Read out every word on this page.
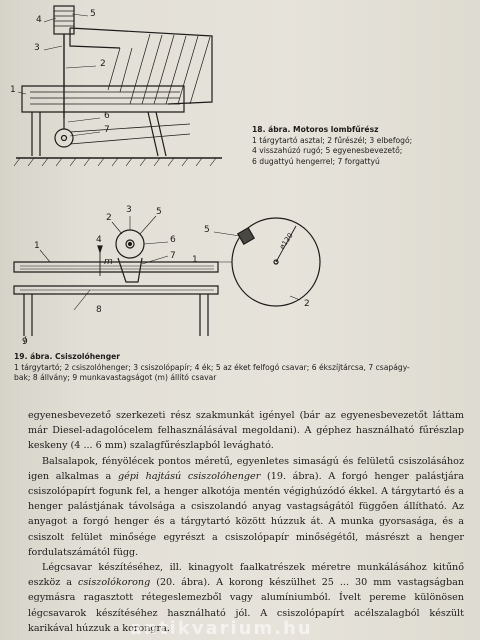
4
5
3
2
1
6
7	18. ábra. Motoros lombfűrész
1 tárgytartó asztal; 2 fűrészél; 3 elbefogó;
4 visszahúzó rugó; 5 egyenesbevezető;
6 dugattyú hengerrel; 7 forgattyú
5
1
2
ø120
1
2
3
4
5
6
7
8
9
m
19. ábra. Csiszolóhenger
1 tárgytartó; 2 csiszolóhenger; 3 csiszolópapír; 4 ék; 5 az éket felfogó csavar; 6 ékszíjtárcsa, 7 csapágy-
bak; 8 állvány; 9 munkavastagságot (m) állító csavar

egyenesbevezető szerkezeti rész szakmunkát igényel (bár az egyenesbevezetőt láttam már Diesel-adagolócelem felhasználásával megoldani). A géphez használható fűrészlap keskeny (4 ... 6 mm) szalagfűrészlapból levágható.

Balsalapok, fényölécek pontos méretű, egyenletes simaságú és felületű csiszolásához igen alkalmas a gépi hajtású csiszolóhenger (19. ábra). A forgó henger palástjára csiszolópapírt fogunk fel, a henger alkotója mentén végighúzódó ékkel. A tárgytartó és a henger palástjának távolsága a csiszolandó anyag vastagságától függően állítható. Az anyagot a forgó henger és a tárgytartó között húzzuk át. A munka gyorsasága, és a csiszolt felület minősége egyrészt a csiszolópapír minőségétől, másrészt a henger fordulatszámától függ.

Légcsavar készítéséhez, ill. kinagyolt faalkatrészek méretre munkálásához kitűnő eszköz a csiszolókorong (20. ábra). A korong készülhet 25 ... 30 mm vastagságban egymásra ragasztott rétegeslemezből vagy alumíniumból. Ívelt pereme különösen légcsavarok készítéséhez használható jól. A csiszolópapírt acélszalagból készült karikával húzzuk a korongra.

antikvarium.hu
